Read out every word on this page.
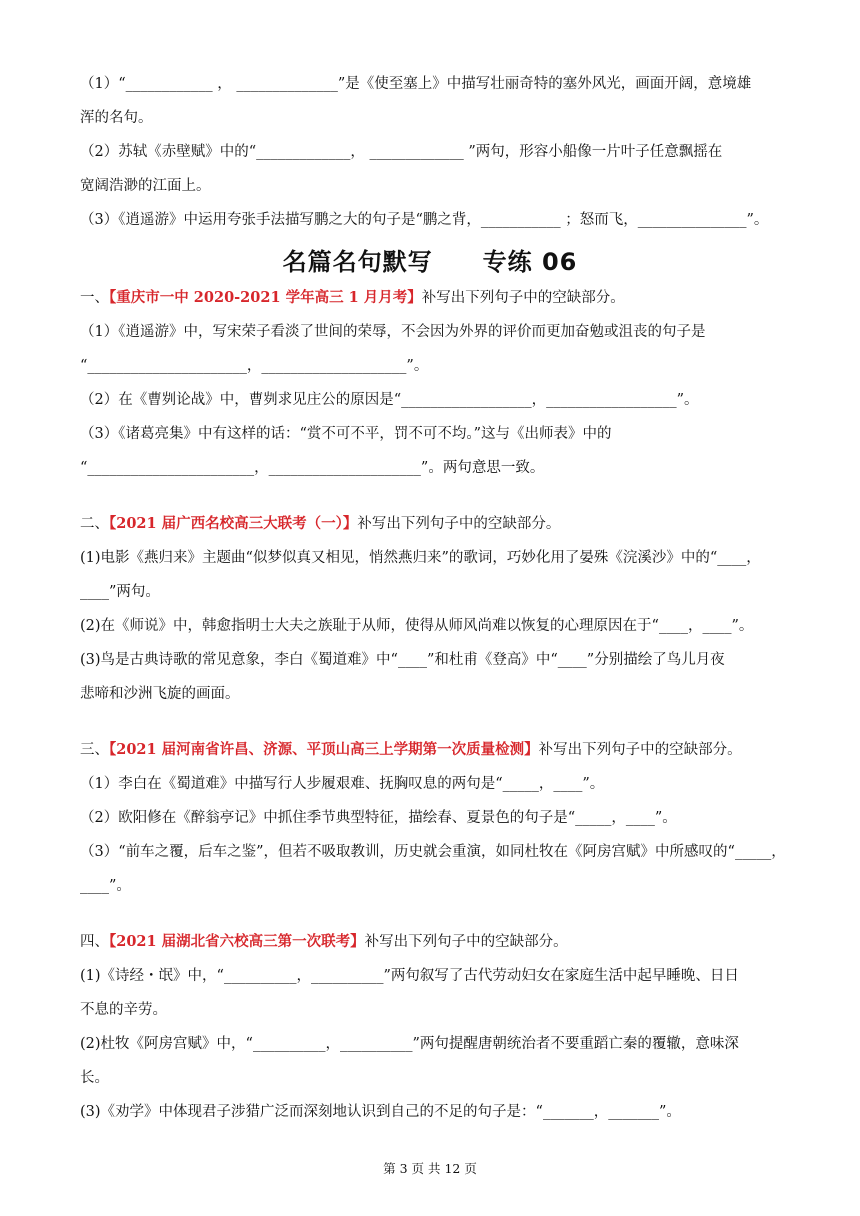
（1）“____________ ， ______________”是《使至塞上》中描写壮丽奇特的塞外风光，画面开阔，意境雄
浑的名句。
（2）苏轼《赤壁赋》中的“_____________， _____________ ”两句，形容小船像一片叶子任意飘摇在
宽阔浩渺的江面上。
（3）《逍遥游》中运用夸张手法描写鹏之大的句子是“鹏之背，___________ ；怒而飞，_______________”。
名篇名句默写　　专练 06
一、【重庆市一中 2020-2021 学年高三 1 月月考】补写出下列句子中的空缺部分。
（1）《逍遥游》中，写宋荣子看淡了世间的荣辱，不会因为外界的评价而更加奋勉或沮丧的句子是
“______________________，____________________”。
（2）在《曹刿论战》中，曹刿求见庄公的原因是“__________________，__________________”。
（3）《诸葛亮集》中有这样的话：“赏不可不平，罚不可不均。”这与《出师表》中的
“_______________________，_____________________”。两句意思一致。
二、【2021 届广西名校高三大联考（一）】补写出下列句子中的空缺部分。
(1)电影《燕归来》主题曲“似梦似真又相见，悄然燕归来”的歌词，巧妙化用了晏殊《浣溪沙》中的“____，
____”两句。
(2)在《师说》中，韩愈指明士大夫之族耻于从师，使得从师风尚难以恢复的心理原因在于“____，____”。
(3)鸟是古典诗歌的常见意象，李白《蜀道难》中“____”和杜甫《登高》中“____”分别描绘了鸟儿月夜
悲啼和沙洲飞旋的画面。
三、【2021 届河南省许昌、济源、平顶山高三上学期第一次质量检测】补写出下列句子中的空缺部分。
（1）李白在《蜀道难》中描写行人步履艰难、抚胸叹息的两句是“_____，____”。
（2）欧阳修在《醉翁亭记》中抓住季节典型特征，描绘春、夏景色的句子是“_____，____”。
（3）“前车之覆，后车之鉴”，但若不吸取教训，历史就会重演，如同杜牧在《阿房宫赋》中所感叹的“_____，
____”。
四、【2021 届湖北省六校高三第一次联考】补写出下列句子中的空缺部分。
(1)《诗经・氓》中，“__________，__________”两句叙写了古代劳动妇女在家庭生活中起早睡晚、日日
不息的辛劳。
(2)杜牧《阿房宫赋》中，“__________，__________”两句提醒唐朝统治者不要重蹈亡秦的覆辙，意味深
长。
(3)《劝学》中体现君子涉猎广泛而深刻地认识到自己的不足的句子是：“_______，_______”。
第 3 页 共 12 页
